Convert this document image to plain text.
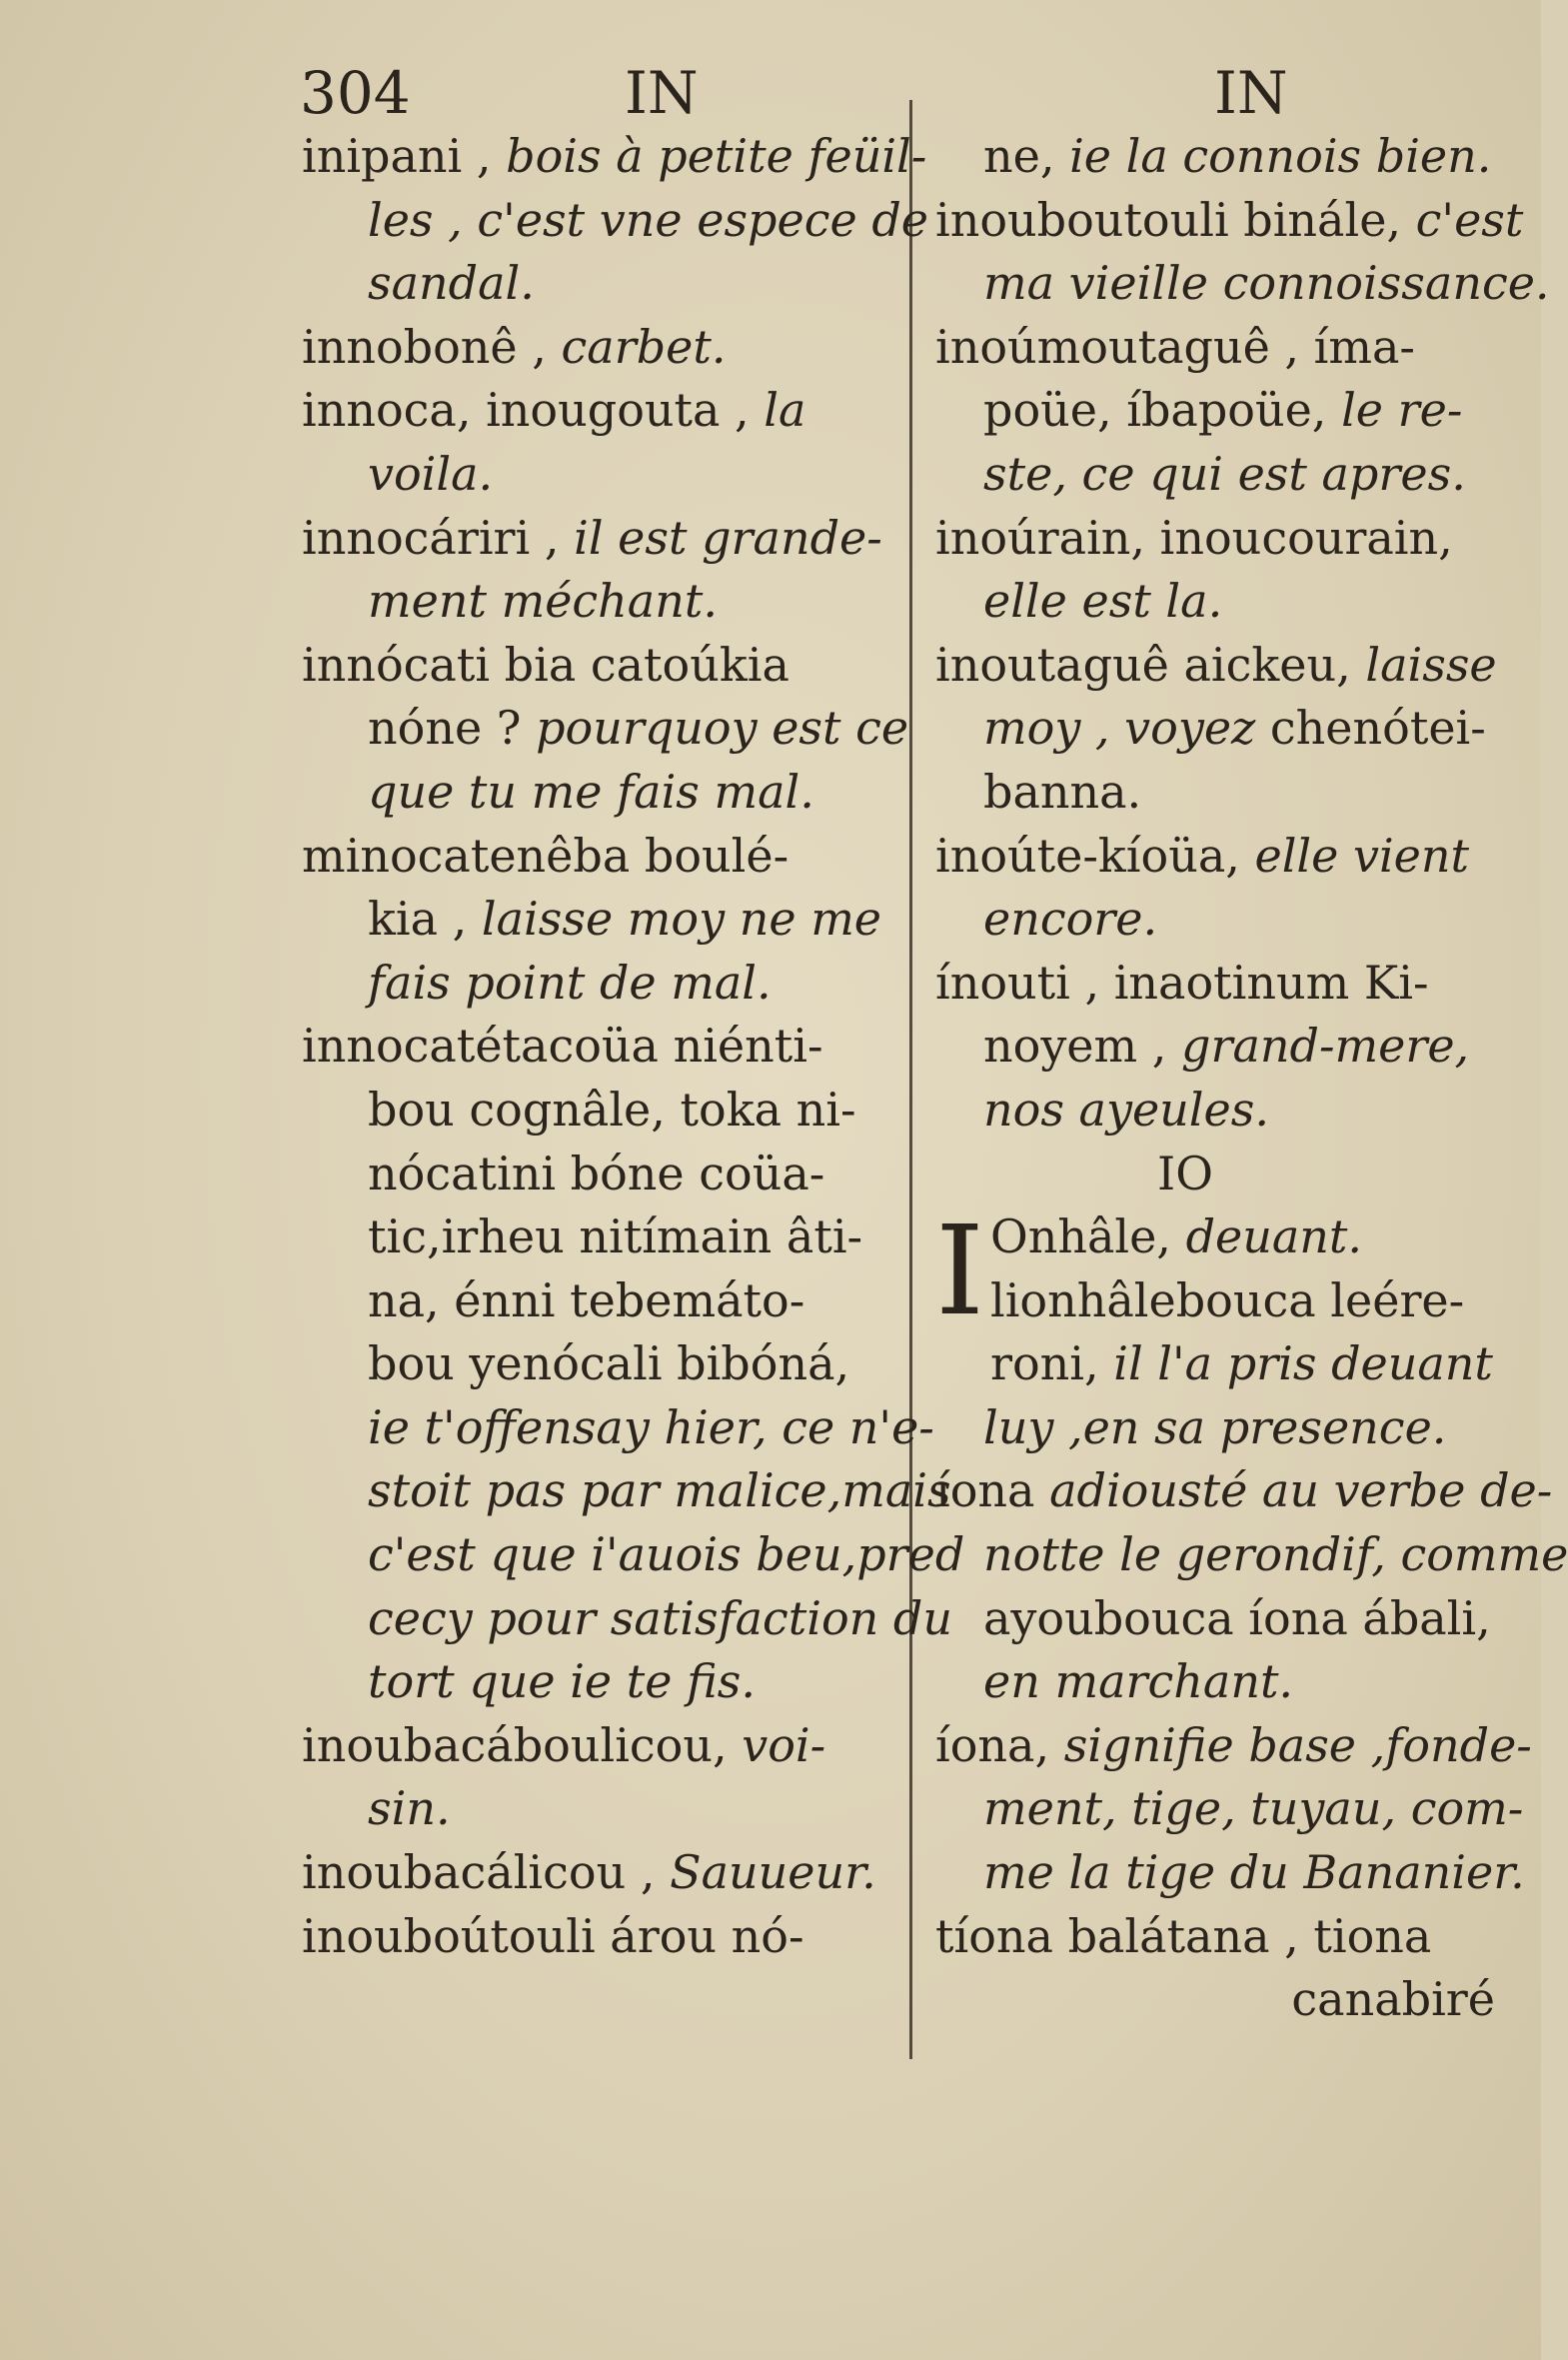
304	IN	IN
inipani , bois à petite feüil-
les , c'est vne espece de
sandal.
innobonê , carbet.
innoca, inougouta , la
voila.
innocáriri , il est grande-
ment méchant.
innócati bia catoúkia
nóne ? pourquoy est ce
que tu me fais mal.
minocatenêba boulé-
kia , laisse moy ne me
fais point de mal.
innocatétacoüa niénti-
bou cognâle, toka ni-
nócatini bóne coüa-
tic,irheu nitímain âti-
na, énni tebemáto-
bou yenócali bibóná,
ie t'offensay hier, ce n'e-
stoit pas par malice,mais
c'est que i'auois beu,pred
cecy pour satisfaction du
tort que ie te fis.
inoubacáboulicou, voi-
sin.
inoubacálicou , Sauueur.
inouboútouli árou nó-
ne, ie la connois bien.
inouboutouli binále, c'est
ma vieille connoissance.
inoúmoutaguê , íma-
poüe, íbapoüe, le re-
ste, ce qui est apres.
inoúrain, inoucourain,
elle est la.
inoutaguê aickeu, laisse
moy , voyez chenótei-
banna.
inoúte-kíoüa, elle vient
encore.
ínouti , inaotinum Ki-
noyem , grand-mere,
nos ayeules.
IO
I Onhâle, deuant.
lionhâlebouca leére-
roni, il l'a pris deuant
luy ,en sa presence.
íona adiousté au verbe de-
notte le gerondif, comme
ayoubouca íona ábali,
en marchant.
íona, signifie base ,fonde-
ment, tige, tuyau, com-
me la tige du Bananier.
tíona balátana , tiona
canabiré
